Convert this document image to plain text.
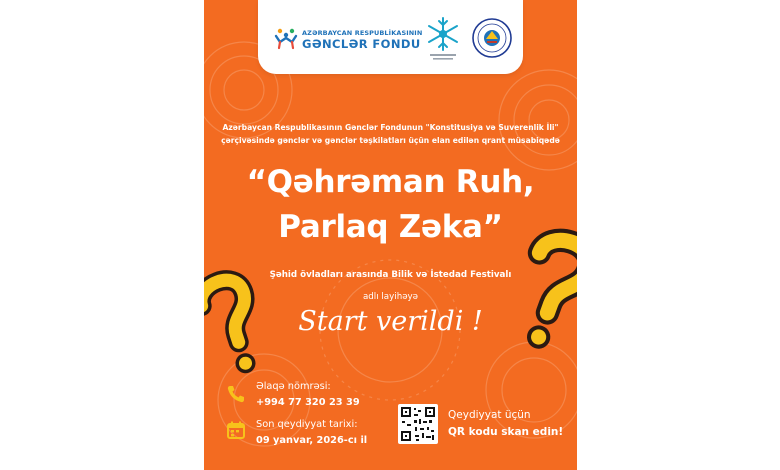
AZƏRBAYCAN RESPUBLİKASININ
GƏNCLƏR FONDU
Azərbaycan Respublikasının Gənclər Fondunun "Konstitusiya və Suverenlik İli"
çərçivəsində gənclər və gənclər təşkilatları üçün elan edilən qrant müsabiqədə
“Qəhrəman Ruh,
Parlaq Zəka”
Şəhid övladları arasında Bilik və İstedad Festivalı
adlı layihəyə
Start verildi !
Əlaqə nömrəsi:
+994 77 320 23 39
Son qeydiyyat tarixi:
09 yanvar, 2026-cı il
Qeydiyyat üçün
QR kodu skan edin!
